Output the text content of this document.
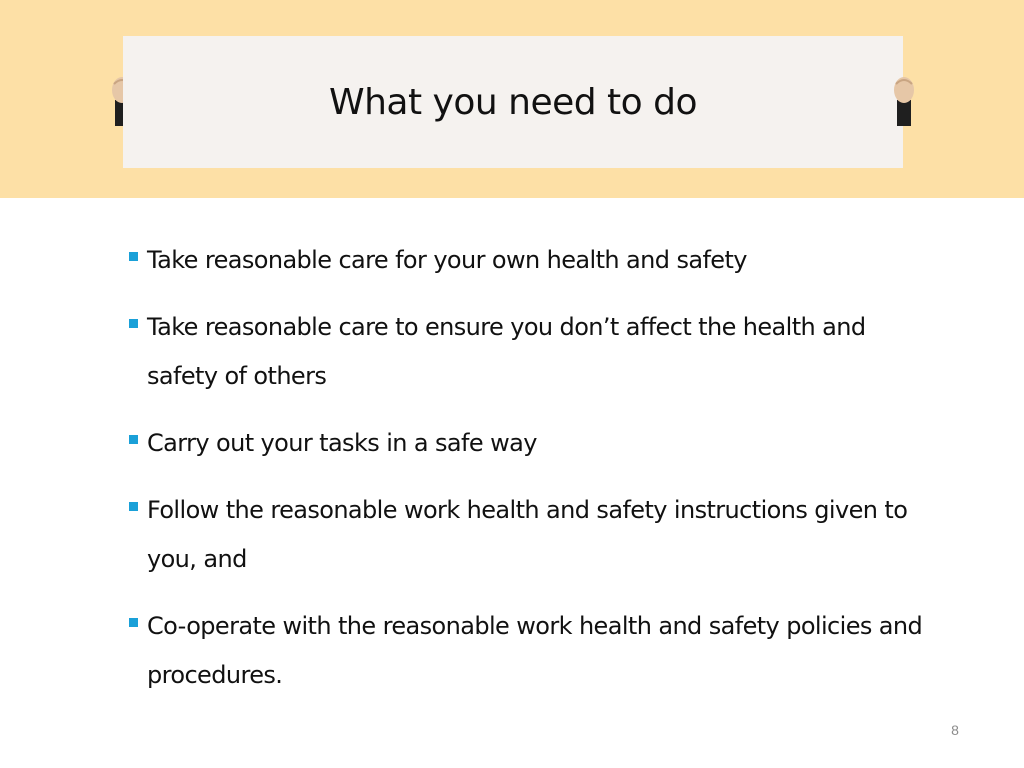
What you need to do
Take reasonable care for your own health and safety
Take reasonable care to ensure you don’t affect the health and safety of others
Carry out your tasks in a safe way
Follow the reasonable work health and safety instructions given to you, and
Co-operate with the reasonable work health and safety policies and procedures.
8
